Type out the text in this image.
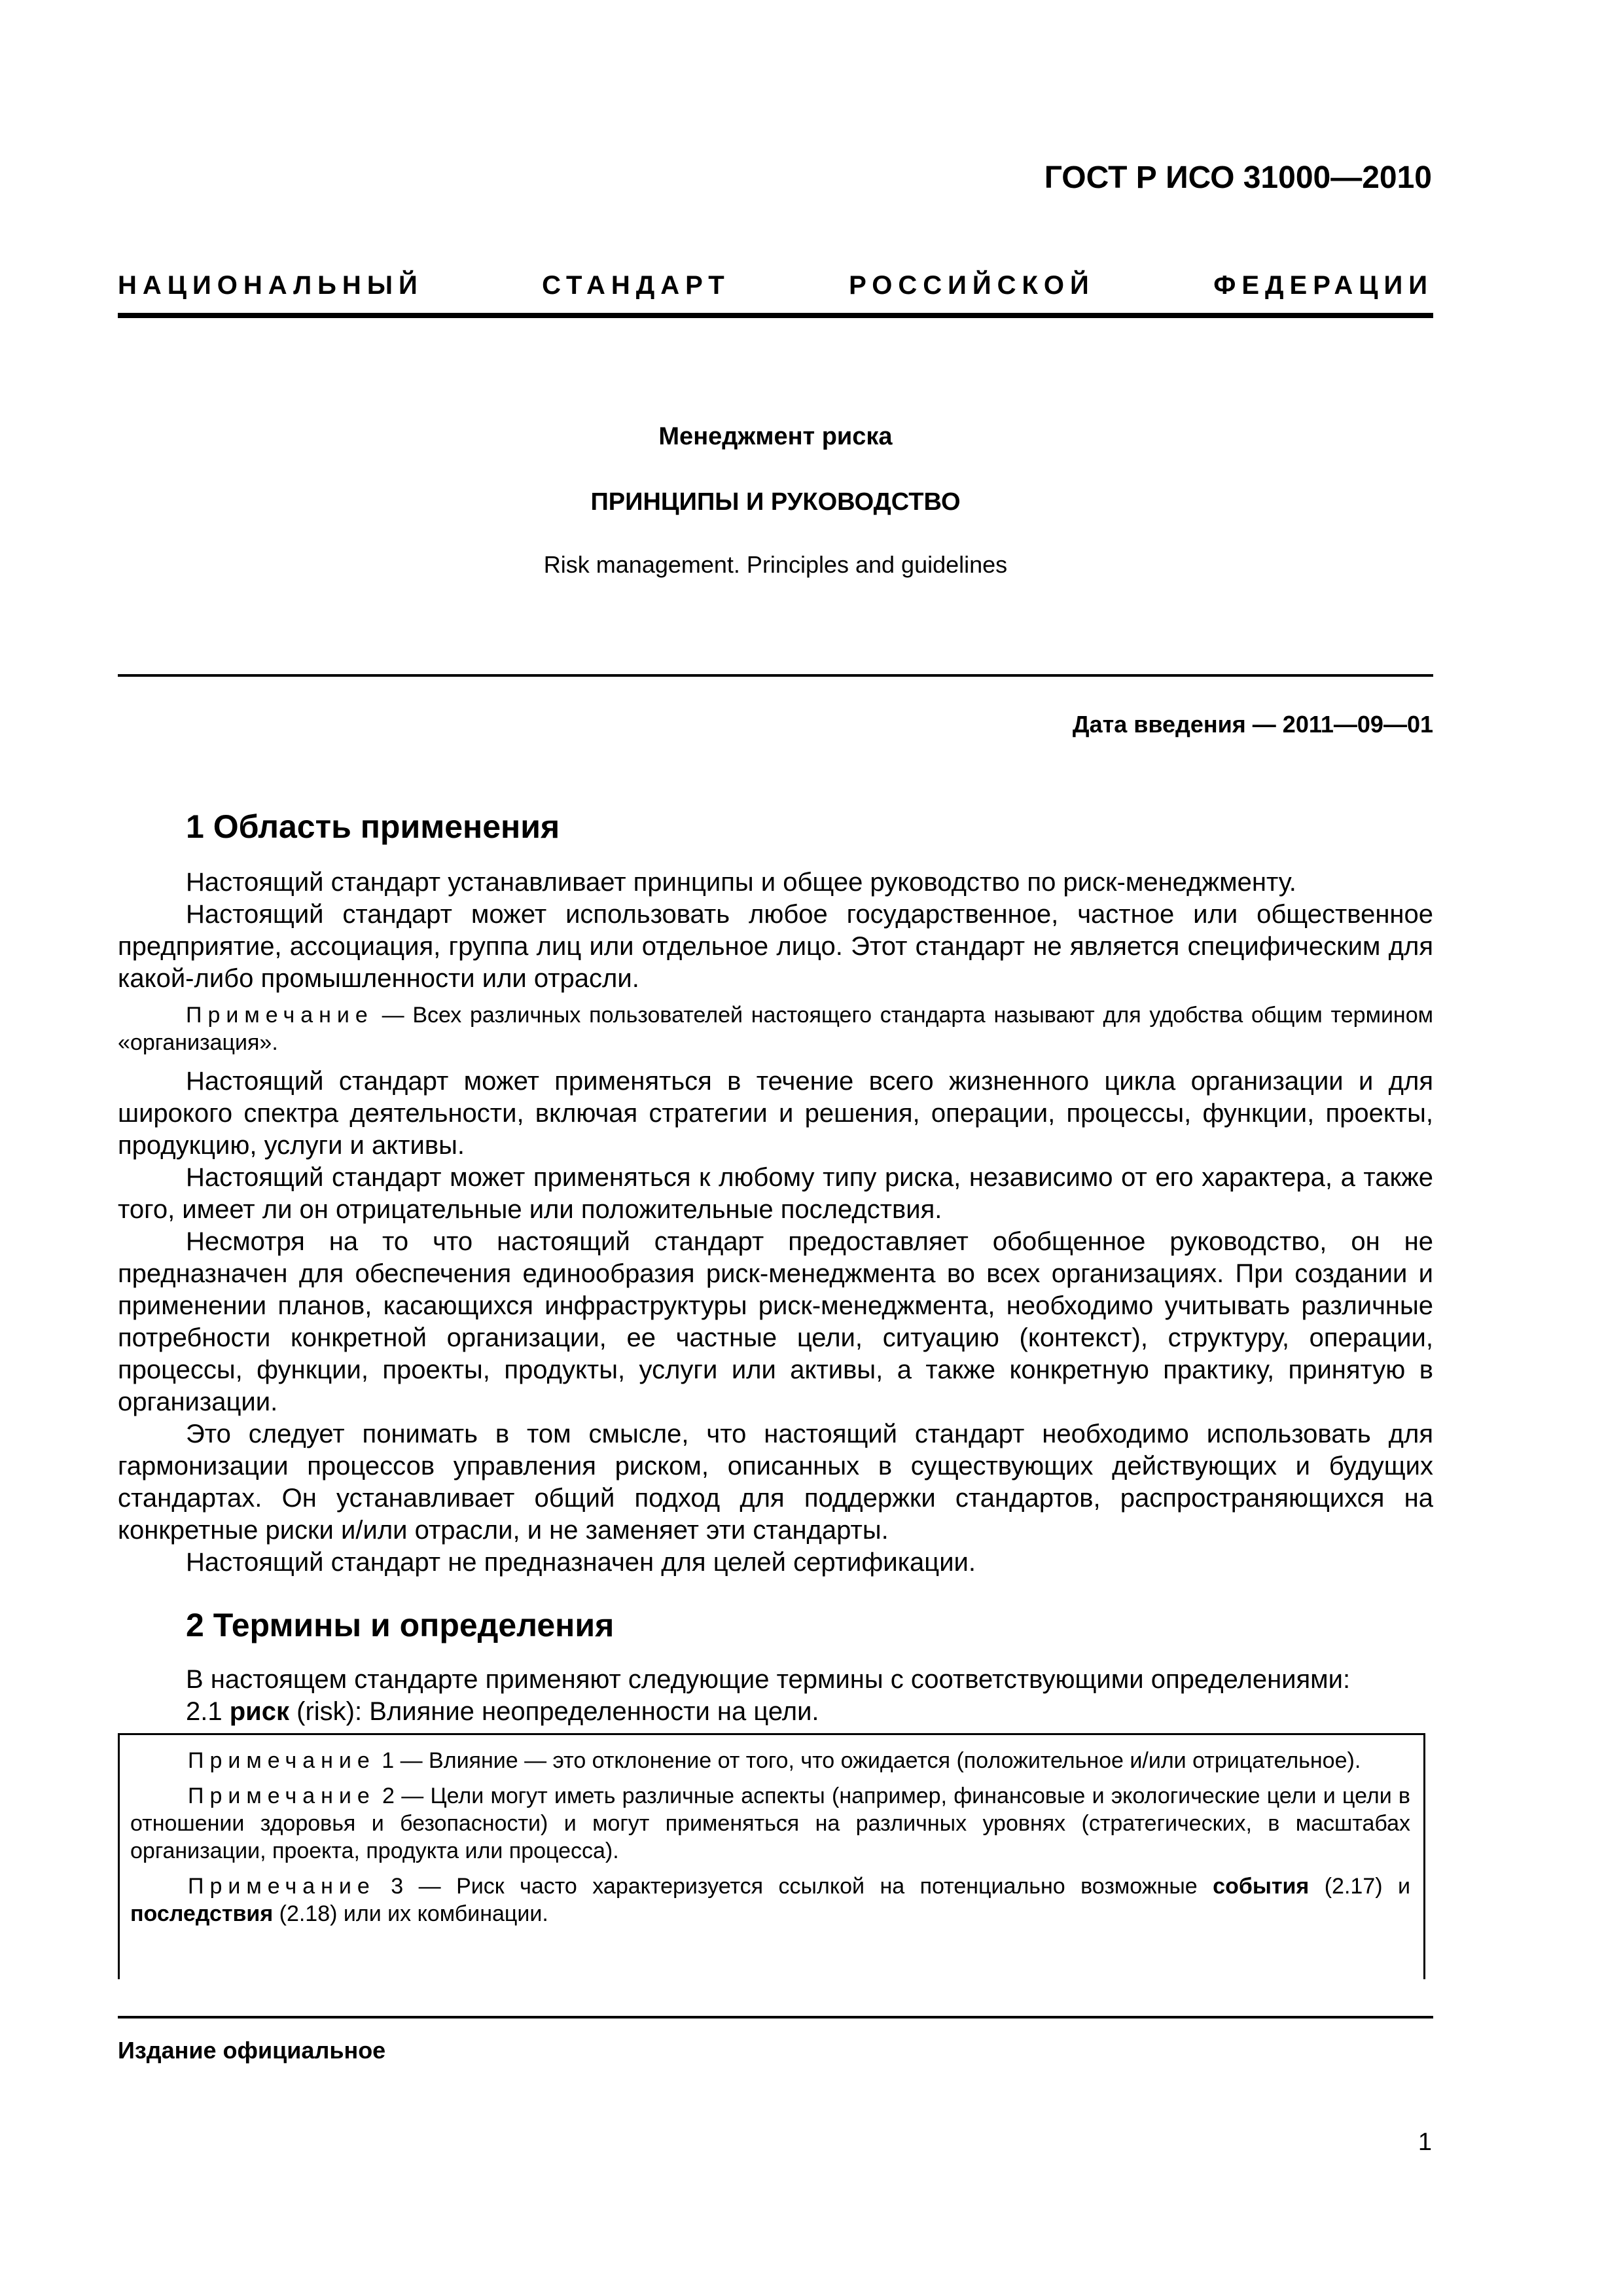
ГОСТ Р ИСО 31000—2010
НАЦИОНАЛЬНЫЙ	СТАНДАРТ	РОССИЙСКОЙ	ФЕДЕРАЦИИ
Менеджмент риска
ПРИНЦИПЫ И РУКОВОДСТВО
Risk management. Principles and guidelines
Дата введения — 2011—09—01
1 Область применения

Настоящий стандарт устанавливает принципы и общее руководство по риск-менеджменту.

Настоящий стандарт может использовать любое государственное, частное или общественное предприятие, ассоциация, группа лиц или отдельное лицо. Этот стандарт не является специфическим для какой-либо промышленности или отрасли.

Примечание — Всех различных пользователей настоящего стандарта называют для удобства общим термином «организация».

Настоящий стандарт может применяться в течение всего жизненного цикла организации и для широкого спектра деятельности, включая стратегии и решения, операции, процессы, функции, проекты, продукцию, услуги и активы.

Настоящий стандарт может применяться к любому типу риска, независимо от его характера, а также того, имеет ли он отрицательные или положительные последствия.

Несмотря на то что настоящий стандарт предоставляет обобщенное руководство, он не предназначен для обеспечения единообразия риск-менеджмента во всех организациях. При создании и применении планов, касающихся инфраструктуры риск-менеджмента, необходимо учитывать различные потребности конкретной организации, ее частные цели, ситуацию (контекст), структуру, операции, процессы, функции, проекты, продукты, услуги или активы, а также конкретную практику, принятую в организации.

Это следует понимать в том смысле, что настоящий стандарт необходимо использовать для гармонизации процессов управления риском, описанных в существующих действующих и будущих стандартах. Он устанавливает общий подход для поддержки стандартов, распространяющихся на конкретные риски и/или отрасли, и не заменяет эти стандарты.

Настоящий стандарт не предназначен для целей сертификации.

2 Термины и определения

В настоящем стандарте применяют следующие термины с соответствующими определениями:

2.1 риск (risk): Влияние неопределенности на цели.

Примечание 1 — Влияние — это отклонение от того, что ожидается (положительное и/или отрицательное).

Примечание 2 — Цели могут иметь различные аспекты (например, финансовые и экологические цели и цели в отношении здоровья и безопасности) и могут применяться на различных уровнях (стратегических, в масштабах организации, проекта, продукта или процесса).

Примечание 3 — Риск часто характеризуется ссылкой на потенциально возможные события (2.17) и последствия (2.18) или их комбинации.

Издание официальное
1
